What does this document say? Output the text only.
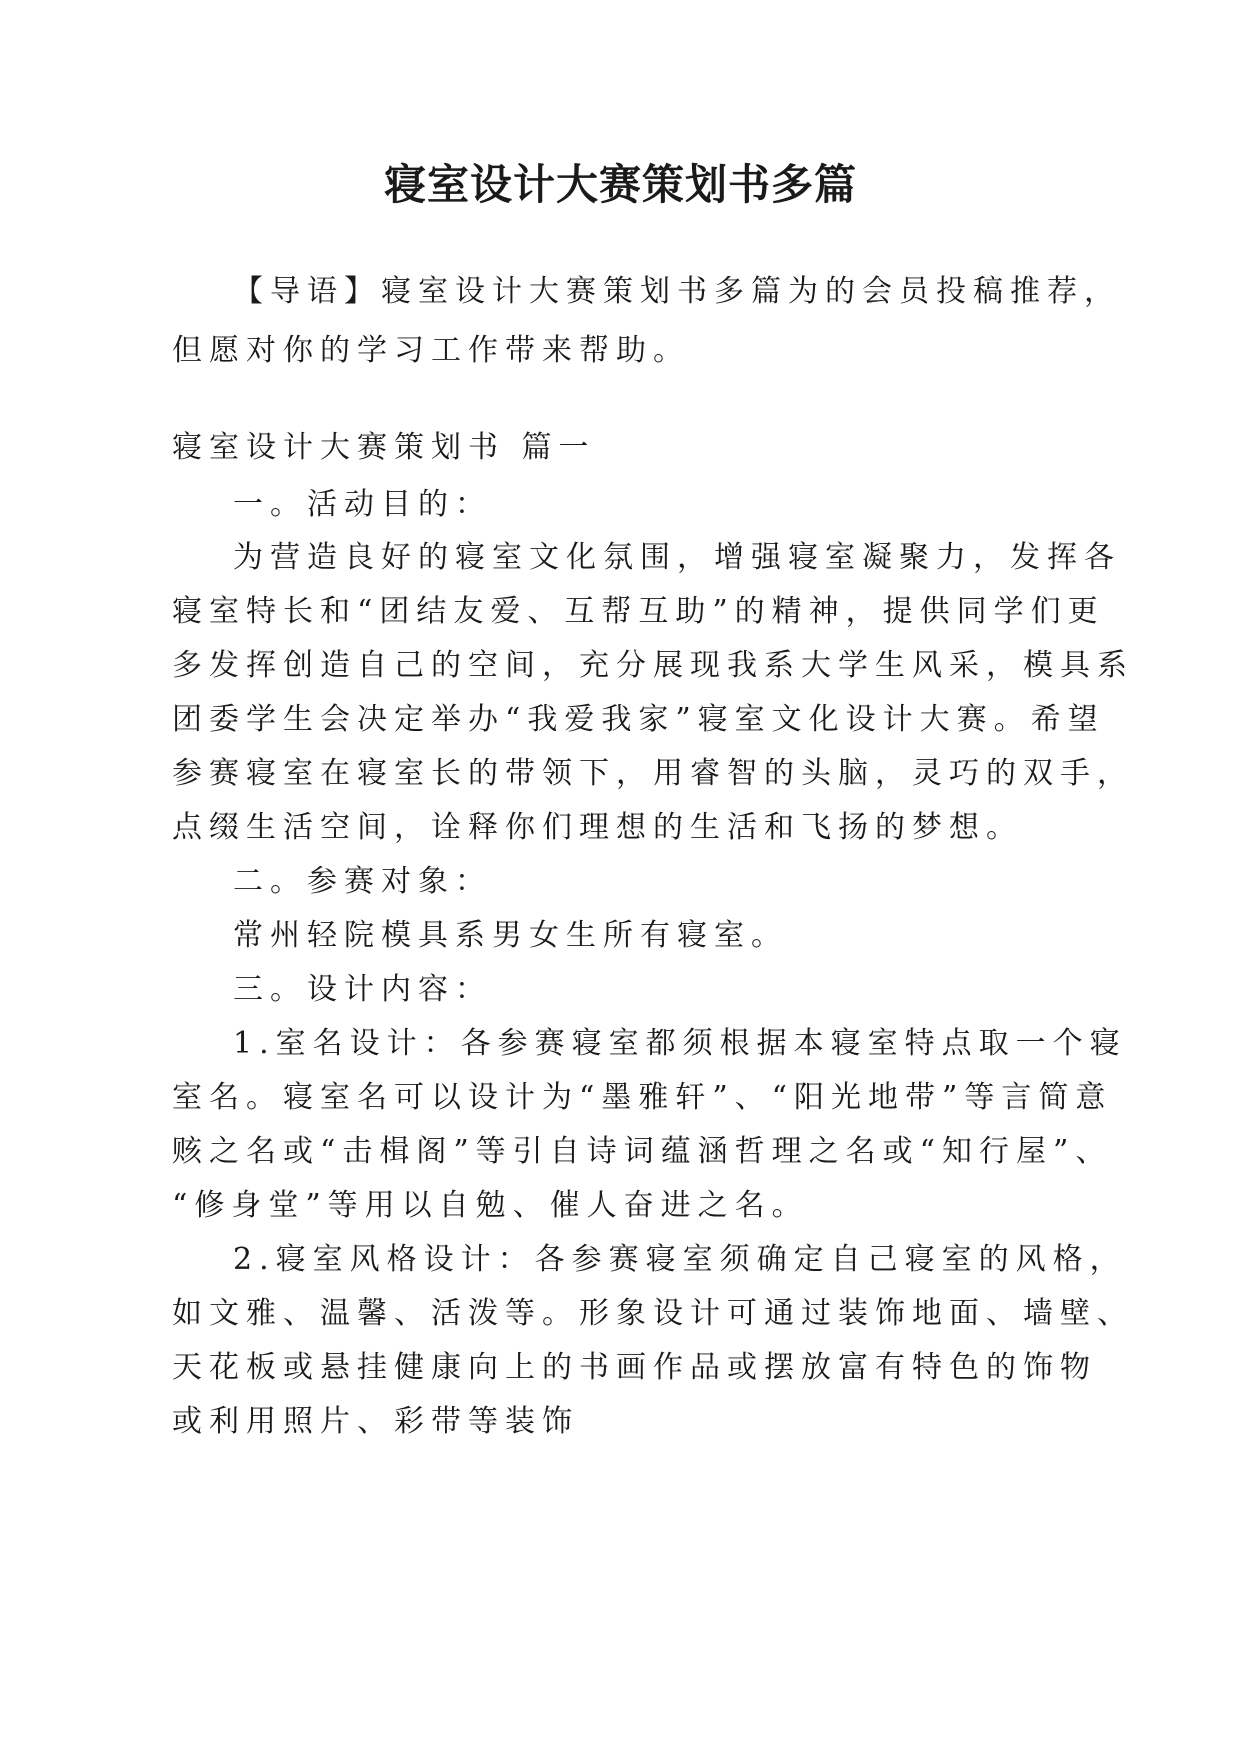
寝室设计大赛策划书多篇
【导语】寝室设计大赛策划书多篇为的会员投稿推荐，
但愿对你的学习工作带来帮助。
寝室设计大赛策划书 篇一
一。活动目的：
为营造良好的寝室文化氛围，增强寝室凝聚力，发挥各
寝室特长和“团结友爱、互帮互助”的精神，提供同学们更
多发挥创造自己的空间，充分展现我系大学生风采，模具系
团委学生会决定举办“我爱我家”寝室文化设计大赛。希望
参赛寝室在寝室长的带领下，用睿智的头脑，灵巧的双手，
点缀生活空间，诠释你们理想的生活和飞扬的梦想。
二。参赛对象：
常州轻院模具系男女生所有寝室。
三。设计内容：
1.室名设计：各参赛寝室都须根据本寝室特点取一个寝
室名。寝室名可以设计为“墨雅轩”、“阳光地带”等言简意
赅之名或“击楫阁”等引自诗词蕴涵哲理之名或“知行屋”、
“修身堂”等用以自勉、催人奋进之名。
2.寝室风格设计：各参赛寝室须确定自己寝室的风格，
如文雅、温馨、活泼等。形象设计可通过装饰地面、墙壁、
天花板或悬挂健康向上的书画作品或摆放富有特色的饰物
或利用照片、彩带等装饰
